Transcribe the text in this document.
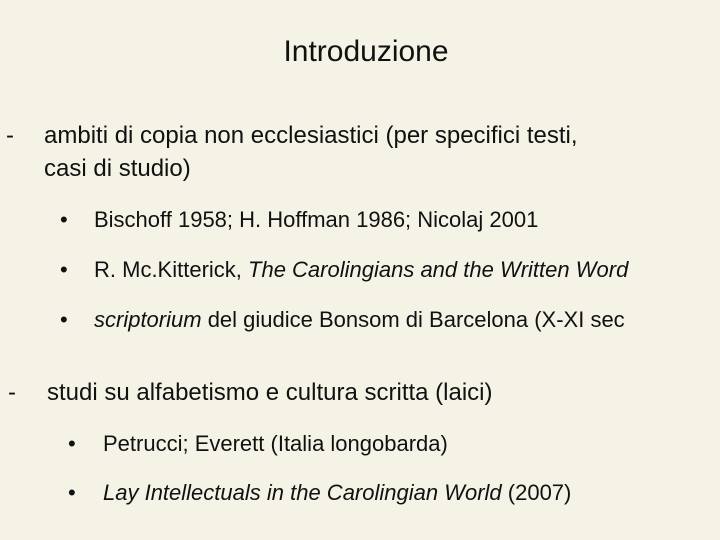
Introduzione
- ambiti di copia non ecclesiastici (per specifici testi,
casi di studio)
• Bischoff 1958; H. Hoffman 1986; Nicolaj 2001
• R. Mc.Kitterick, The Carolingians and the Written Word
• scriptorium del giudice Bonsom di Barcelona (X-XI sec
- studi su alfabetismo e cultura scritta (laici)
• Petrucci; Everett (Italia longobarda)
• Lay Intellectuals in the Carolingian World (2007)
